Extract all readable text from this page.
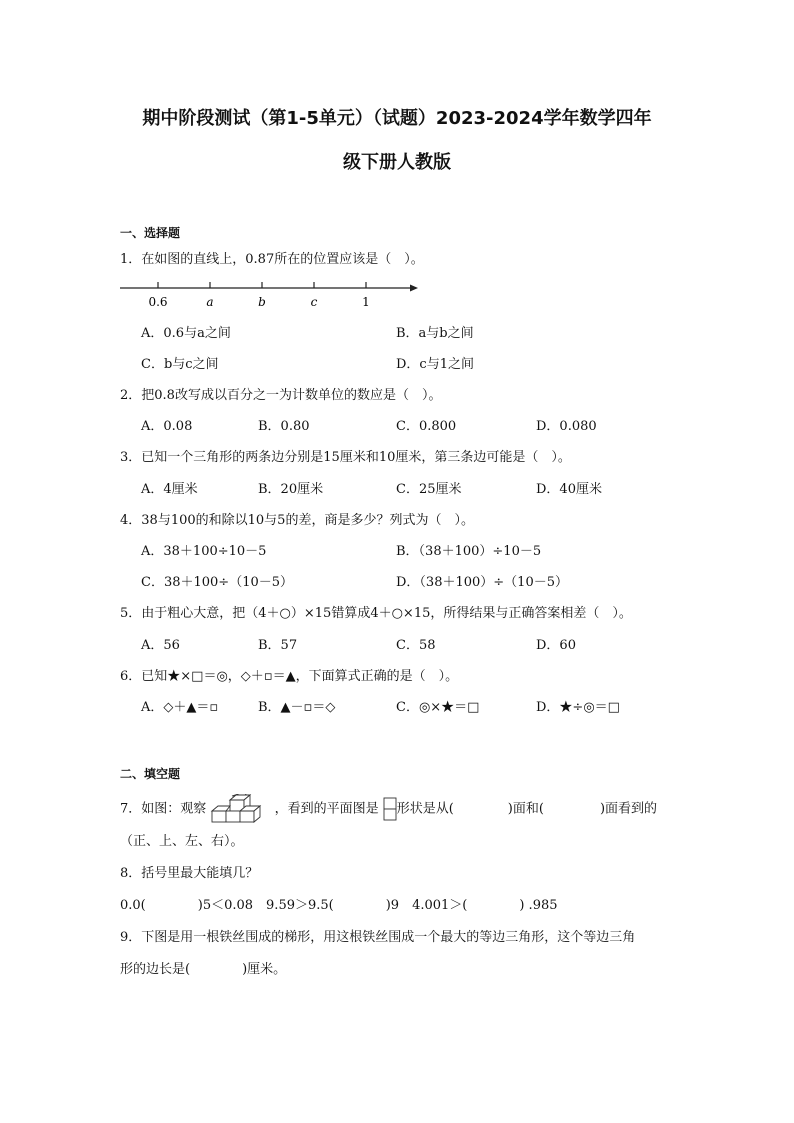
期中阶段测试（第1-5单元）（试题）2023-2024学年数学四年
级下册人教版
一、选择题
1．在如图的直线上，0.87所在的位置应该是（　）。
0.6	a	b	c	1
A．0.6与a之间	B．a与b之间
C．b与c之间	D．c与1之间
2．把0.8改写成以百分之一为计数单位的数应是（　）。
A．0.08	B．0.80	C．0.800	D．0.080
3．已知一个三角形的两条边分别是15厘米和10厘米，第三条边可能是（　）。
A．4厘米	B．20厘米	C．25厘米	D．40厘米
4．38与100的和除以10与5的差，商是多少？列式为（　）。
A．38＋100÷10－5	B．（38＋100）÷10－5
C．38＋100÷（10－5）	D．（38＋100）÷（10－5）
5．由于粗心大意，把（4＋○）×15错算成4＋○×15，所得结果与正确答案相差（　）。
A．56	B．57	C．58	D．60
6．已知★×□＝◎，◇＋▫＝▲，下面算式正确的是（　）。
A．◇＋▲＝▫	B．▲－▫＝◇	C．◎×★＝□	D．★÷◎＝□
二、填空题
7．如图：观察	，看到的平面图是 形状是从(	)面和(	)面看到的
（正、上、左、右）。
8．括号里最大能填几？
0.0(　　　　)5＜0.08　9.59＞9.5(　　　　)9　4.001＞(　　　　) .985
9．下图是用一根铁丝围成的梯形，用这根铁丝围成一个最大的等边三角形，这个等边三角
形的边长是(　　　　)厘米。
